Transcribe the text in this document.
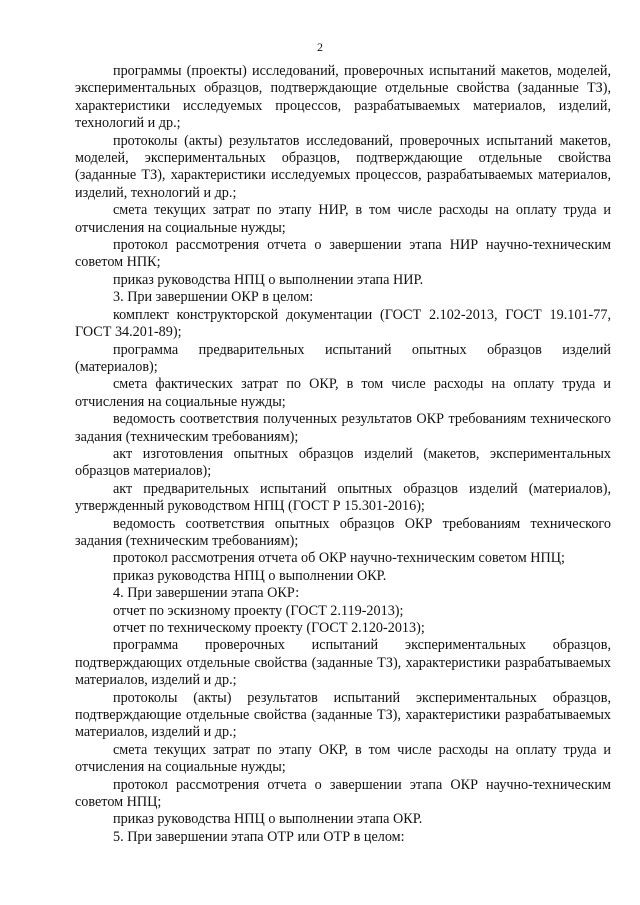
2

программы (проекты) исследований, проверочных испытаний макетов, моделей, экспериментальных образцов, подтверждающие отдельные свойства (заданные ТЗ), характеристики исследуемых процессов, разрабатываемых материалов, изделий, технологий и др.;

протоколы (акты) результатов исследований, проверочных испытаний макетов, моделей, экспериментальных образцов, подтверждающие отдельные свойства (заданные ТЗ), характеристики исследуемых процессов, разрабатываемых материалов, изделий, технологий и др.;

смета текущих затрат по этапу НИР, в том числе расходы на оплату труда и отчисления на социальные нужды;

протокол рассмотрения отчета о завершении этапа НИР научно-техническим советом НПК;

приказ руководства НПЦ о выполнении этапа НИР.

3. При завершении ОКР в целом:

комплект конструкторской документации (ГОСТ 2.102-2013, ГОСТ 19.101-77, ГОСТ 34.201-89);

программа предварительных испытаний опытных образцов изделий (материалов);

смета фактических затрат по ОКР, в том числе расходы на оплату труда и отчисления на социальные нужды;

ведомость соответствия полученных результатов ОКР требованиям технического задания (техническим требованиям);

акт изготовления опытных образцов изделий (макетов, экспериментальных образцов материалов);

акт предварительных испытаний опытных образцов изделий (материалов), утвержденный руководством НПЦ (ГОСТ Р 15.301-2016);

ведомость соответствия опытных образцов ОКР требованиям технического задания (техническим требованиям);

протокол рассмотрения отчета об ОКР научно-техническим советом НПЦ;

приказ руководства НПЦ о выполнении ОКР.

4. При завершении этапа ОКР:

отчет по эскизному проекту (ГОСТ 2.119-2013);

отчет по техническому проекту (ГОСТ 2.120-2013);

программа проверочных испытаний экспериментальных образцов, подтверждающих отдельные свойства (заданные ТЗ), характеристики разрабатываемых материалов, изделий и др.;

протоколы (акты) результатов испытаний экспериментальных образцов, подтверждающие отдельные свойства (заданные ТЗ), характеристики разрабатываемых материалов, изделий и др.;

смета текущих затрат по этапу ОКР, в том числе расходы на оплату труда и отчисления на социальные нужды;

протокол рассмотрения отчета о завершении этапа ОКР научно-техническим советом НПЦ;

приказ руководства НПЦ о выполнении этапа ОКР.

5. При завершении этапа ОТР или ОТР в целом:
